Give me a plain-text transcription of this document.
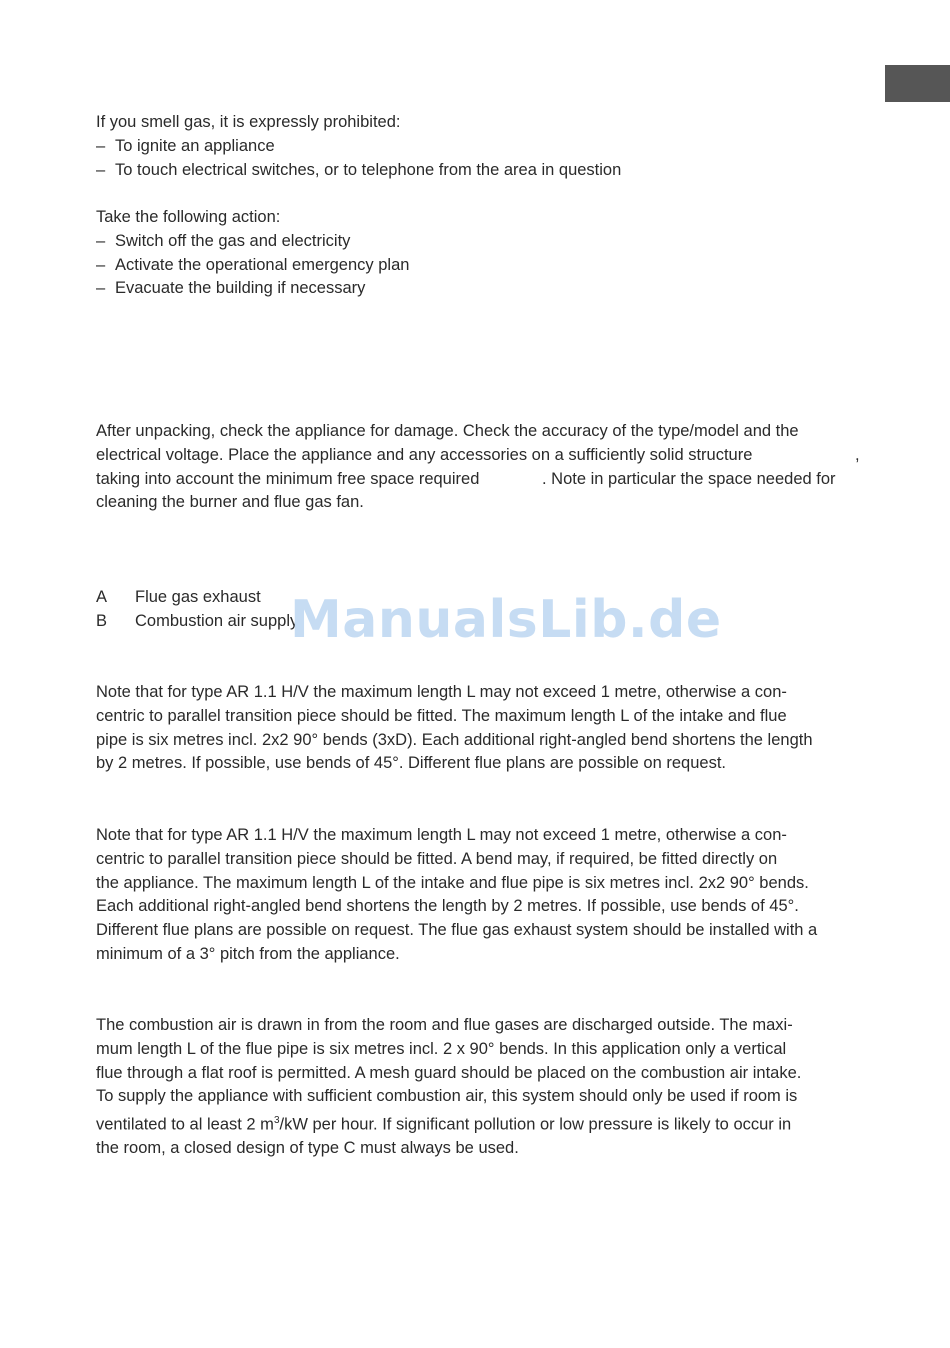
If you smell gas, it is expressly prohibited:
– To ignite an appliance
– To touch electrical switches, or to telephone from the area in question
Take the following action:
– Switch off the gas and electricity
– Activate the operational emergency plan
– Evacuate the building if necessary
After unpacking, check the appliance for damage. Check the accuracy of the type/model and the
electrical voltage. Place the appliance and any accessories on a sufficiently solid structure	,
taking into account the minimum free space required	. Note in particular the space needed for
cleaning the burner and flue gas fan.
A Flue gas exhaust
B Combustion air supply
Note that for type AR 1.1 H/V the maximum length L may not exceed 1 metre, otherwise a con-
centric to parallel transition piece should be fitted. The maximum length L of the intake and flue
pipe is six metres incl. 2x2 90° bends (3xD). Each additional right-angled bend shortens the length
by 2 metres. If possible, use bends of 45°. Different flue plans are possible on request.
Note that for type AR 1.1 H/V the maximum length L may not exceed 1 metre, otherwise a con-
centric to parallel transition piece should be fitted. A bend may, if required, be fitted directly on
the appliance. The maximum length L of the intake and flue pipe is six metres incl. 2x2 90° bends.
Each additional right-angled bend shortens the length by 2 metres. If possible, use bends of 45°.
Different flue plans are possible on request. The flue gas exhaust system should be installed with a
minimum of a 3° pitch from the appliance.
The combustion air is drawn in from the room and flue gases are discharged outside. The maxi-
mum length L of the flue pipe is six metres incl. 2 x 90° bends. In this application only a vertical
flue through a flat roof is permitted. A mesh guard should be placed on the combustion air intake.
To supply the appliance with sufficient combustion air, this system should only be used if room is
ventilated to al least 2 $m^3/kW$ per hour. If significant pollution or low pressure is likely to occur in
the room, a closed design of type C must always be used.
ManualsLib.de
